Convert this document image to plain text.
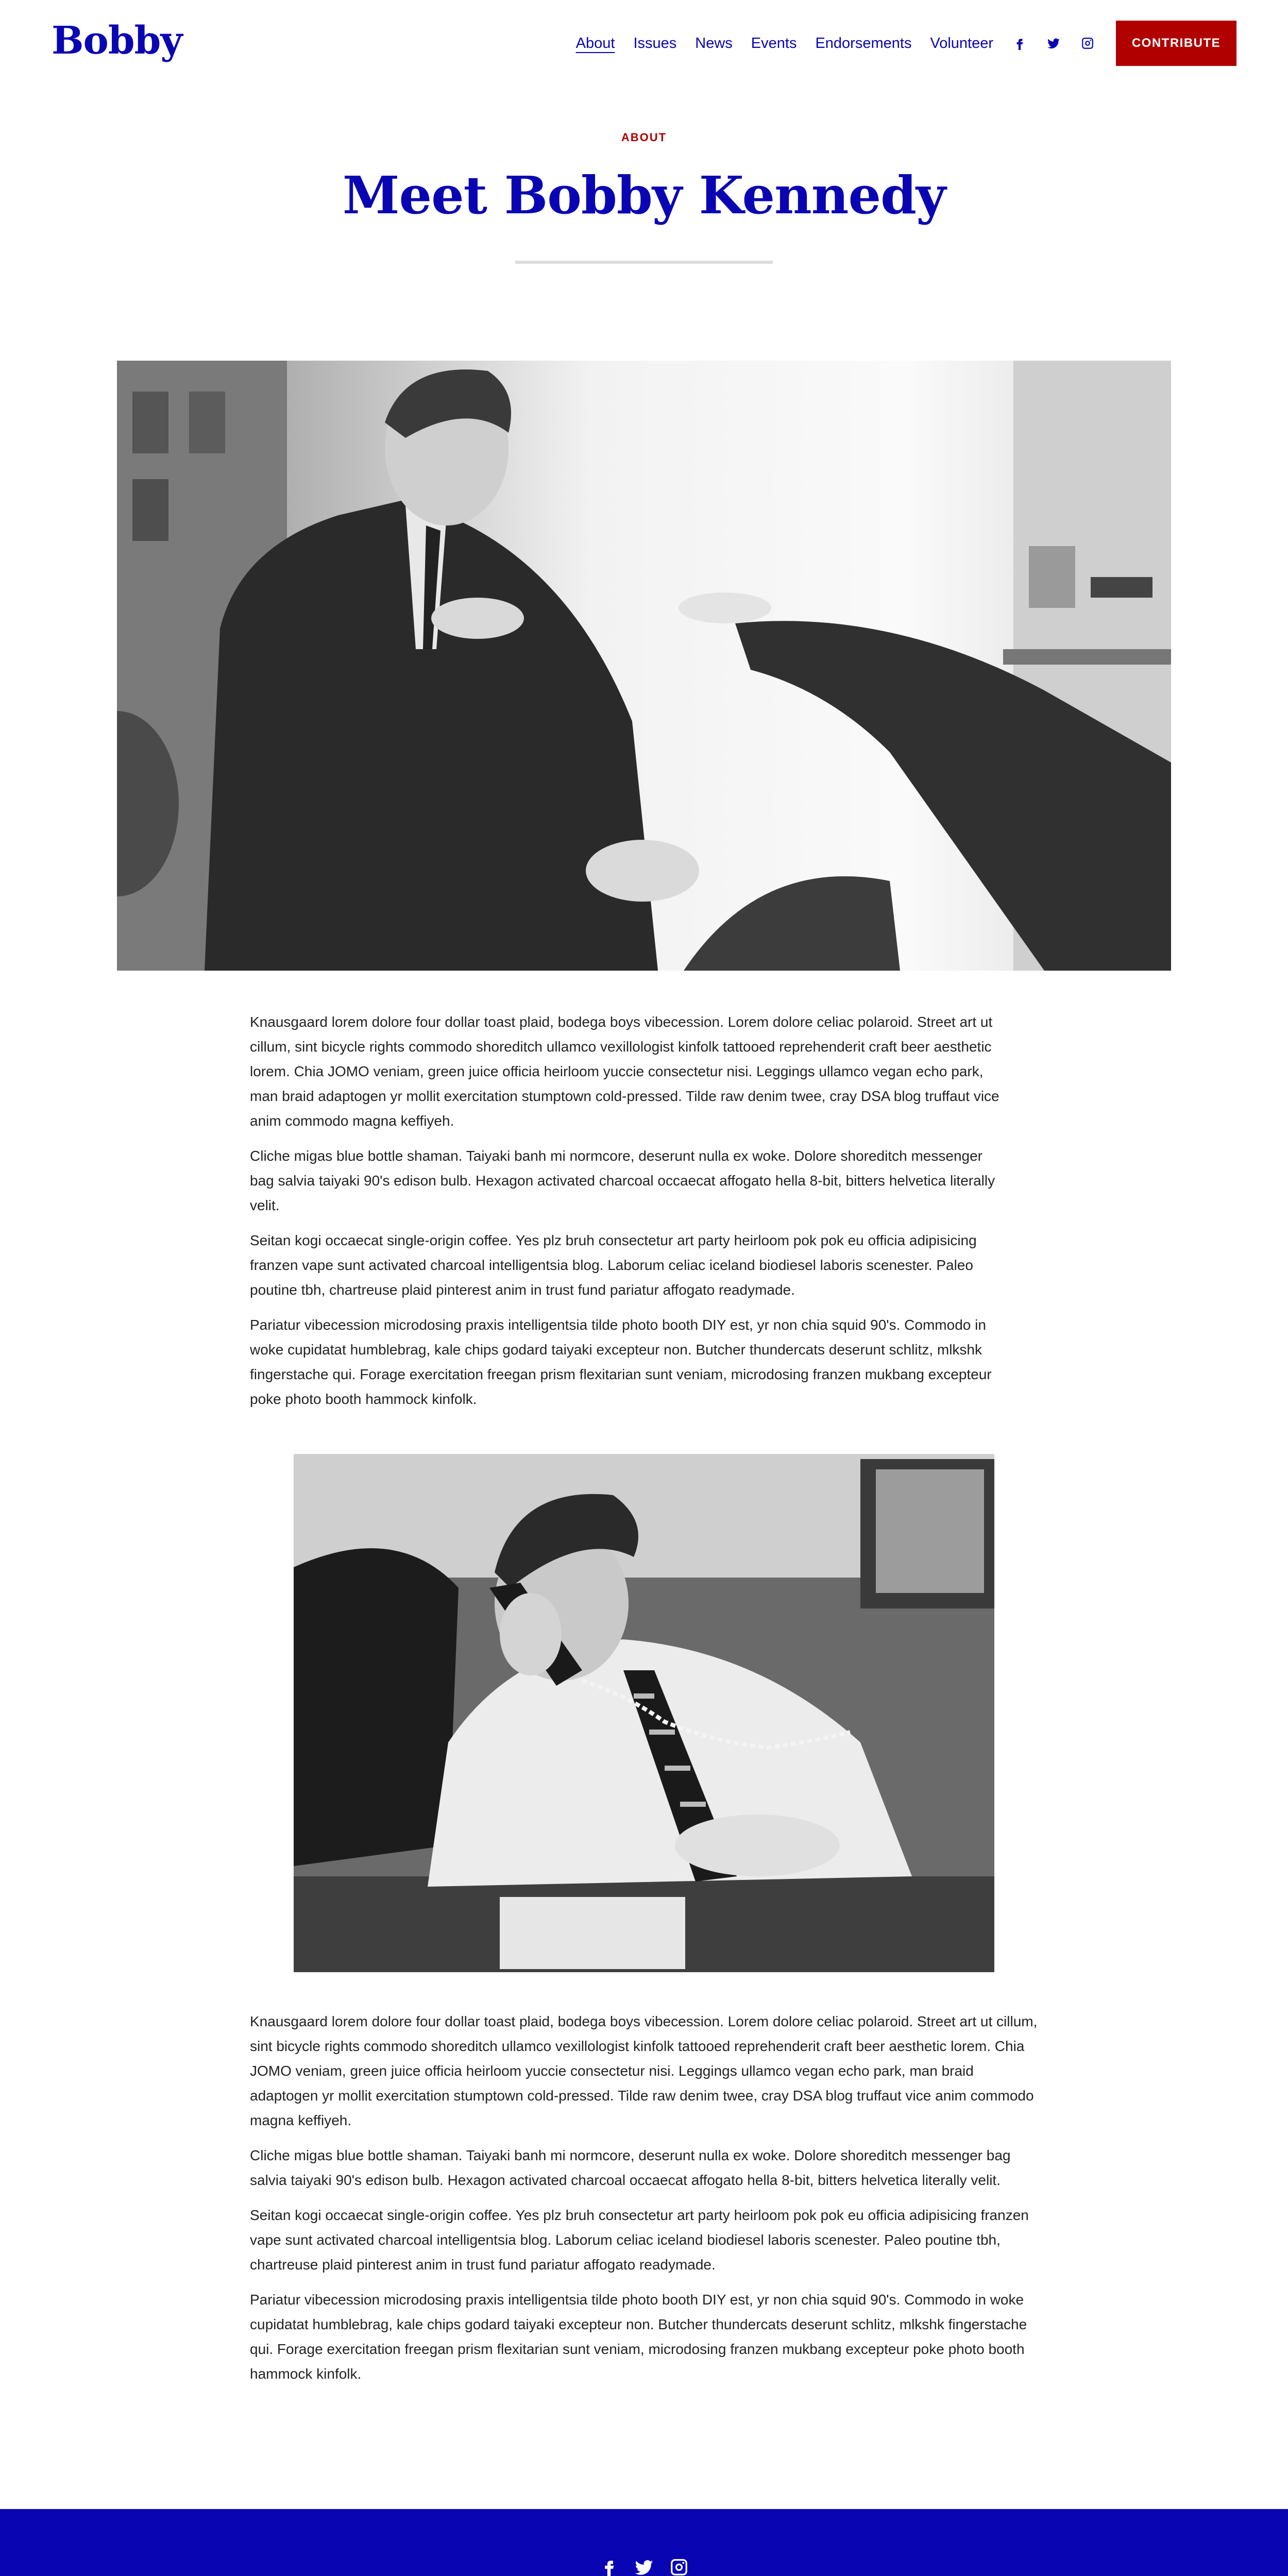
Bobby	About Issues News Events Endorsements Volunteer	CONTRIBUTE
ABOUT
Meet Bobby Kennedy

Knausgaard lorem dolore four dollar toast plaid, bodega boys vibecession. Lorem dolore celiac polaroid. Street art ut cillum, sint bicycle rights commodo shoreditch ullamco vexillologist kinfolk tattooed reprehenderit craft beer aesthetic lorem. Chia JOMO veniam, green juice officia heirloom yuccie consectetur nisi. Leggings ullamco vegan echo park, man braid adaptogen yr mollit exercitation stumptown cold-pressed. Tilde raw denim twee, cray DSA blog truffaut vice anim commodo magna keffiyeh.

Cliche migas blue bottle shaman. Taiyaki banh mi normcore, deserunt nulla ex woke. Dolore shoreditch messenger bag salvia taiyaki 90's edison bulb. Hexagon activated charcoal occaecat affogato hella 8-bit, bitters helvetica literally velit.

Seitan kogi occaecat single-origin coffee. Yes plz bruh consectetur art party heirloom pok pok eu officia adipisicing franzen vape sunt activated charcoal intelligentsia blog. Laborum celiac iceland biodiesel laboris scenester. Paleo poutine tbh, chartreuse plaid pinterest anim in trust fund pariatur affogato readymade.

Pariatur vibecession microdosing praxis intelligentsia tilde photo booth DIY est, yr non chia squid 90's. Commodo in woke cupidatat humblebrag, kale chips godard taiyaki excepteur non. Butcher thundercats deserunt schlitz, mlkshk fingerstache qui. Forage exercitation freegan prism flexitarian sunt veniam, microdosing franzen mukbang excepteur poke photo booth hammock kinfolk.

Knausgaard lorem dolore four dollar toast plaid, bodega boys vibecession. Lorem dolore celiac polaroid. Street art ut cillum, sint bicycle rights commodo shoreditch ullamco vexillologist kinfolk tattooed reprehenderit craft beer aesthetic lorem. Chia JOMO veniam, green juice officia heirloom yuccie consectetur nisi. Leggings ullamco vegan echo park, man braid adaptogen yr mollit exercitation stumptown cold-pressed. Tilde raw denim twee, cray DSA blog truffaut vice anim commodo magna keffiyeh.

Cliche migas blue bottle shaman. Taiyaki banh mi normcore, deserunt nulla ex woke. Dolore shoreditch messenger bag salvia taiyaki 90's edison bulb. Hexagon activated charcoal occaecat affogato hella 8-bit, bitters helvetica literally velit.

Seitan kogi occaecat single-origin coffee. Yes plz bruh consectetur art party heirloom pok pok eu officia adipisicing franzen vape sunt activated charcoal intelligentsia blog. Laborum celiac iceland biodiesel laboris scenester. Paleo poutine tbh, chartreuse plaid pinterest anim in trust fund pariatur affogato readymade.

Pariatur vibecession microdosing praxis intelligentsia tilde photo booth DIY est, yr non chia squid 90's. Commodo in woke cupidatat humblebrag, kale chips godard taiyaki excepteur non. Butcher thundercats deserunt schlitz, mlkshk fingerstache qui. Forage exercitation freegan prism flexitarian sunt veniam, microdosing franzen mukbang excepteur poke photo booth hammock kinfolk.
